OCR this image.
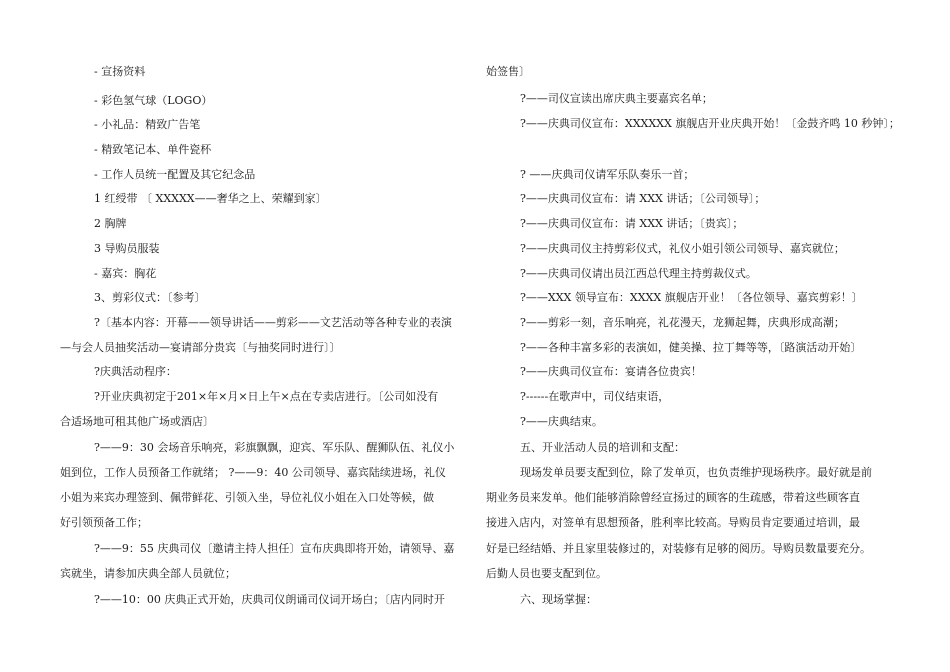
- 宣扬资料

- 彩色氢气球（LOGO）

- 小礼品：精致广告笔

- 精致笔记本、单件瓷杯

- 工作人员统一配置及其它纪念品

1 红绶带 〔 XXXXX——奢华之上、荣耀到家〕

2 胸牌

3 导购员服装

- 嘉宾：胸花

3、剪彩仪式：〔参考〕

?〔基本内容：开幕——领导讲话——剪彩——文艺活动等各种专业的表演

—与会人员抽奖活动—宴请部分贵宾〔与抽奖同时进行〕〕

?庆典活动程序：

?开业庆典初定于201×年×月×日上午×点在专卖店进行。〔公司如没有

合适场地可租其他广场或酒店〕

?——9：30 会场音乐响亮，彩旗飘飘，迎宾、军乐队、醒狮队伍、礼仪小

姐到位，工作人员预备工作就绪； ?——9：40 公司领导、嘉宾陆续进场，礼仪

小姐为来宾办理签到、佩带鲜花、引领入坐，导位礼仪小姐在入口处等候，做

好引领预备工作；

?——9：55 庆典司仪〔邀请主持人担任〕宣布庆典即将开始，请领导、嘉

宾就坐，请参加庆典全部人员就位；

?——10：00 庆典正式开始，庆典司仪朗诵司仪词开场白；〔店内同时开

始签售〕

?——司仪宣读出席庆典主要嘉宾名单；

?——庆典司仪宣布：XXXXXX 旗舰店开业庆典开始！〔金鼓齐鸣 10 秒钟〕；

? ——庆典司仪请军乐队奏乐一首；

?——庆典司仪宣布：请 XXX 讲话；〔公司领导〕；

?——庆典司仪宣布：请 XXX 讲话；〔贵宾〕；

?——庆典司仪主持剪彩仪式，礼仪小姐引领公司领导、嘉宾就位；

?——庆典司仪请出员江西总代理主持剪裁仪式。

?——XXX 领导宣布：XXXX 旗舰店开业！〔各位领导、嘉宾剪彩！〕

?——剪彩一刻，音乐响亮，礼花漫天，龙狮起舞，庆典形成高潮；

?——各种丰富多彩的表演如，健美操、拉丁舞等等，〔路演活动开始〕

?——庆典司仪宣布：宴请各位贵宾！

?------在歌声中，司仪结束语，

?——庆典结束。

五、开业活动人员的培训和支配：

现场发单员要支配到位，除了发单页，也负责维护现场秩序。最好就是前

期业务员来发单。他们能够消除曾经宣扬过的顾客的生疏感，带着这些顾客直

接进入店内，对签单有思想预备，胜利率比较高。导购员肯定要通过培训，最

好是已经结婚、并且家里装修过的，对装修有足够的阅历。导购员数量要充分。

后勤人员也要支配到位。

六、现场掌握：
